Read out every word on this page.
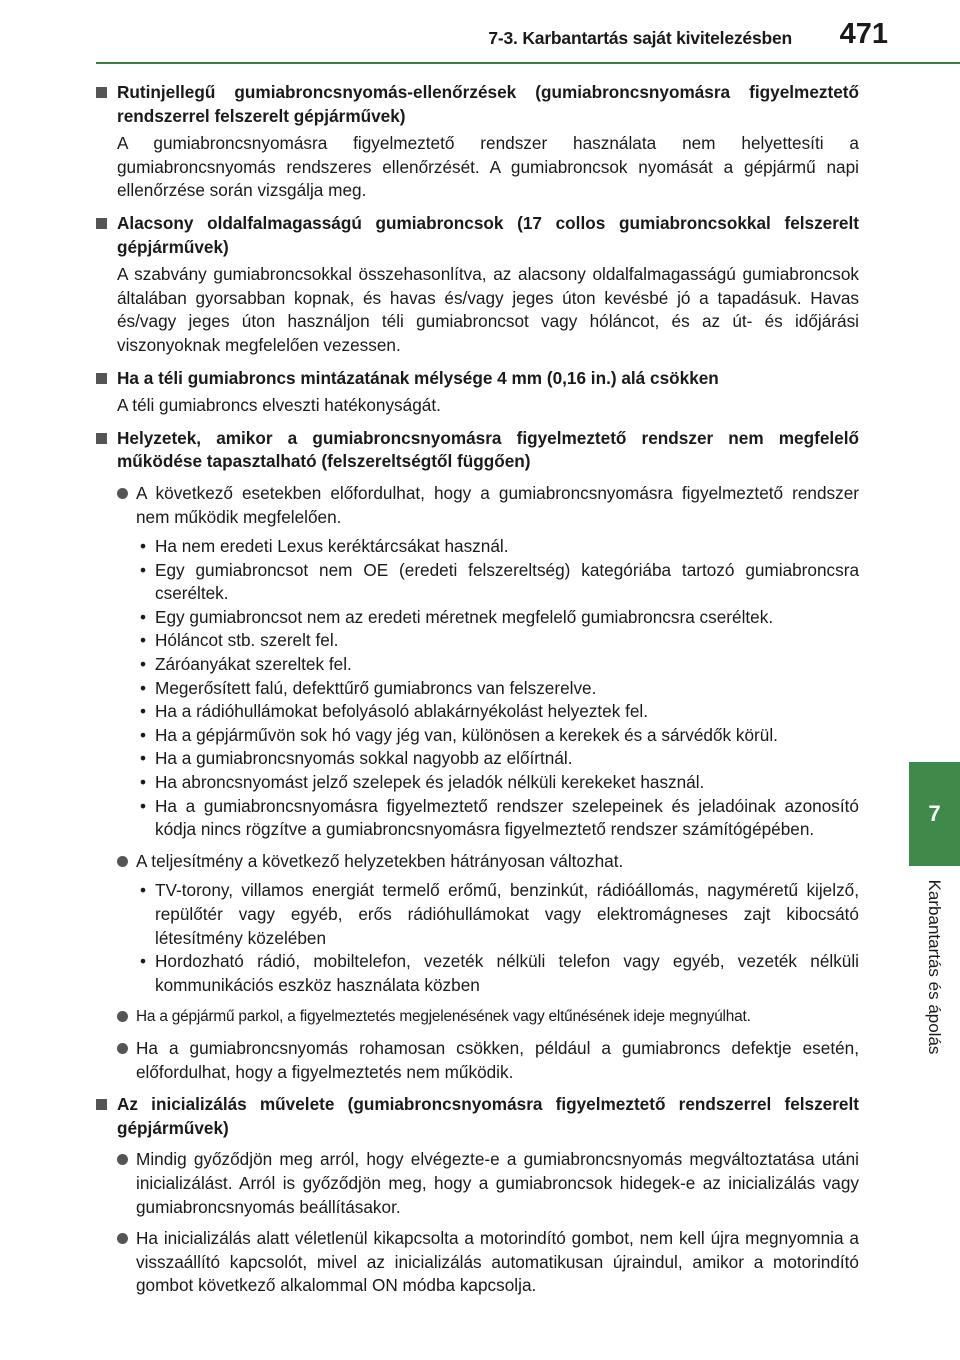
7-3. Karbantartás saját kivitelezésben	471
7
Karbantartás és ápolás
Rutinjellegű gumiabroncsnyomás-ellenőrzések (gumiabroncsnyomásra figyelmeztető rendszerrel felszerelt gépjárművek)
A gumiabroncsnyomásra figyelmeztető rendszer használata nem helyettesíti a gumiabroncsnyomás rendszeres ellenőrzését. A gumiabroncsok nyomását a gépjármű napi ellenőrzése során vizsgálja meg.
Alacsony oldalfalmagasságú gumiabroncsok (17 collos gumiabroncsokkal felszerelt gépjárművek)
A szabvány gumiabroncsokkal összehasonlítva, az alacsony oldalfalmagasságú gumiabroncsok általában gyorsabban kopnak, és havas és/vagy jeges úton kevésbé jó a tapadásuk. Havas és/vagy jeges úton használjon téli gumiabroncsot vagy hóláncot, és az út- és időjárási viszonyoknak megfelelően vezessen.
Ha a téli gumiabroncs mintázatának mélysége 4 mm (0,16 in.) alá csökken
A téli gumiabroncs elveszti hatékonyságát.
Helyzetek, amikor a gumiabroncsnyomásra figyelmeztető rendszer nem megfelelő működése tapasztalható (felszereltségtől függően)
A következő esetekben előfordulhat, hogy a gumiabroncsnyomásra figyelmeztető rendszer nem működik megfelelően.
• Ha nem eredeti Lexus keréktárcsákat használ.
• Egy gumiabroncsot nem OE (eredeti felszereltség) kategóriába tartozó gumiabroncsra cseréltek.
• Egy gumiabroncsot nem az eredeti méretnek megfelelő gumiabroncsra cseréltek.
• Hóláncot stb. szerelt fel.
• Záróanyákat szereltek fel.
• Megerősített falú, defekttűrő gumiabroncs van felszerelve.
• Ha a rádióhullámokat befolyásoló ablakárnyékolást helyeztek fel.
• Ha a gépjárművön sok hó vagy jég van, különösen a kerekek és a sárvédők körül.
• Ha a gumiabroncsnyomás sokkal nagyobb az előírtnál.
• Ha abroncsnyomást jelző szelepek és jeladók nélküli kerekeket használ.
• Ha a gumiabroncsnyomásra figyelmeztető rendszer szelepeinek és jeladóinak azonosító kódja nincs rögzítve a gumiabroncsnyomásra figyelmeztető rendszer számítógépében.
A teljesítmény a következő helyzetekben hátrányosan változhat.
• TV-torony, villamos energiát termelő erőmű, benzinkút, rádióállomás, nagyméretű kijelző, repülőtér vagy egyéb, erős rádióhullámokat vagy elektromágneses zajt kibocsátó létesítmény közelében
• Hordozható rádió, mobiltelefon, vezeték nélküli telefon vagy egyéb, vezeték nélküli kommunikációs eszköz használata közben
Ha a gépjármű parkol, a figyelmeztetés megjelenésének vagy eltűnésének ideje megnyúlhat.
Ha a gumiabroncsnyomás rohamosan csökken, például a gumiabroncs defektje esetén, előfordulhat, hogy a figyelmeztetés nem működik.
Az inicializálás művelete (gumiabroncsnyomásra figyelmeztető rendszerrel felszerelt gépjárművek)
Mindig győződjön meg arról, hogy elvégezte-e a gumiabroncsnyomás megváltoztatása utáni inicializálást. Arról is győződjön meg, hogy a gumiabroncsok hidegek-e az inicializálás vagy gumiabroncsnyomás beállításakor.
Ha inicializálás alatt véletlenül kikapcsolta a motorindító gombot, nem kell újra megnyomnia a visszaállító kapcsolót, mivel az inicializálás automatikusan újraindul, amikor a motorindító gombot következő alkalommal ON módba kapcsolja.
